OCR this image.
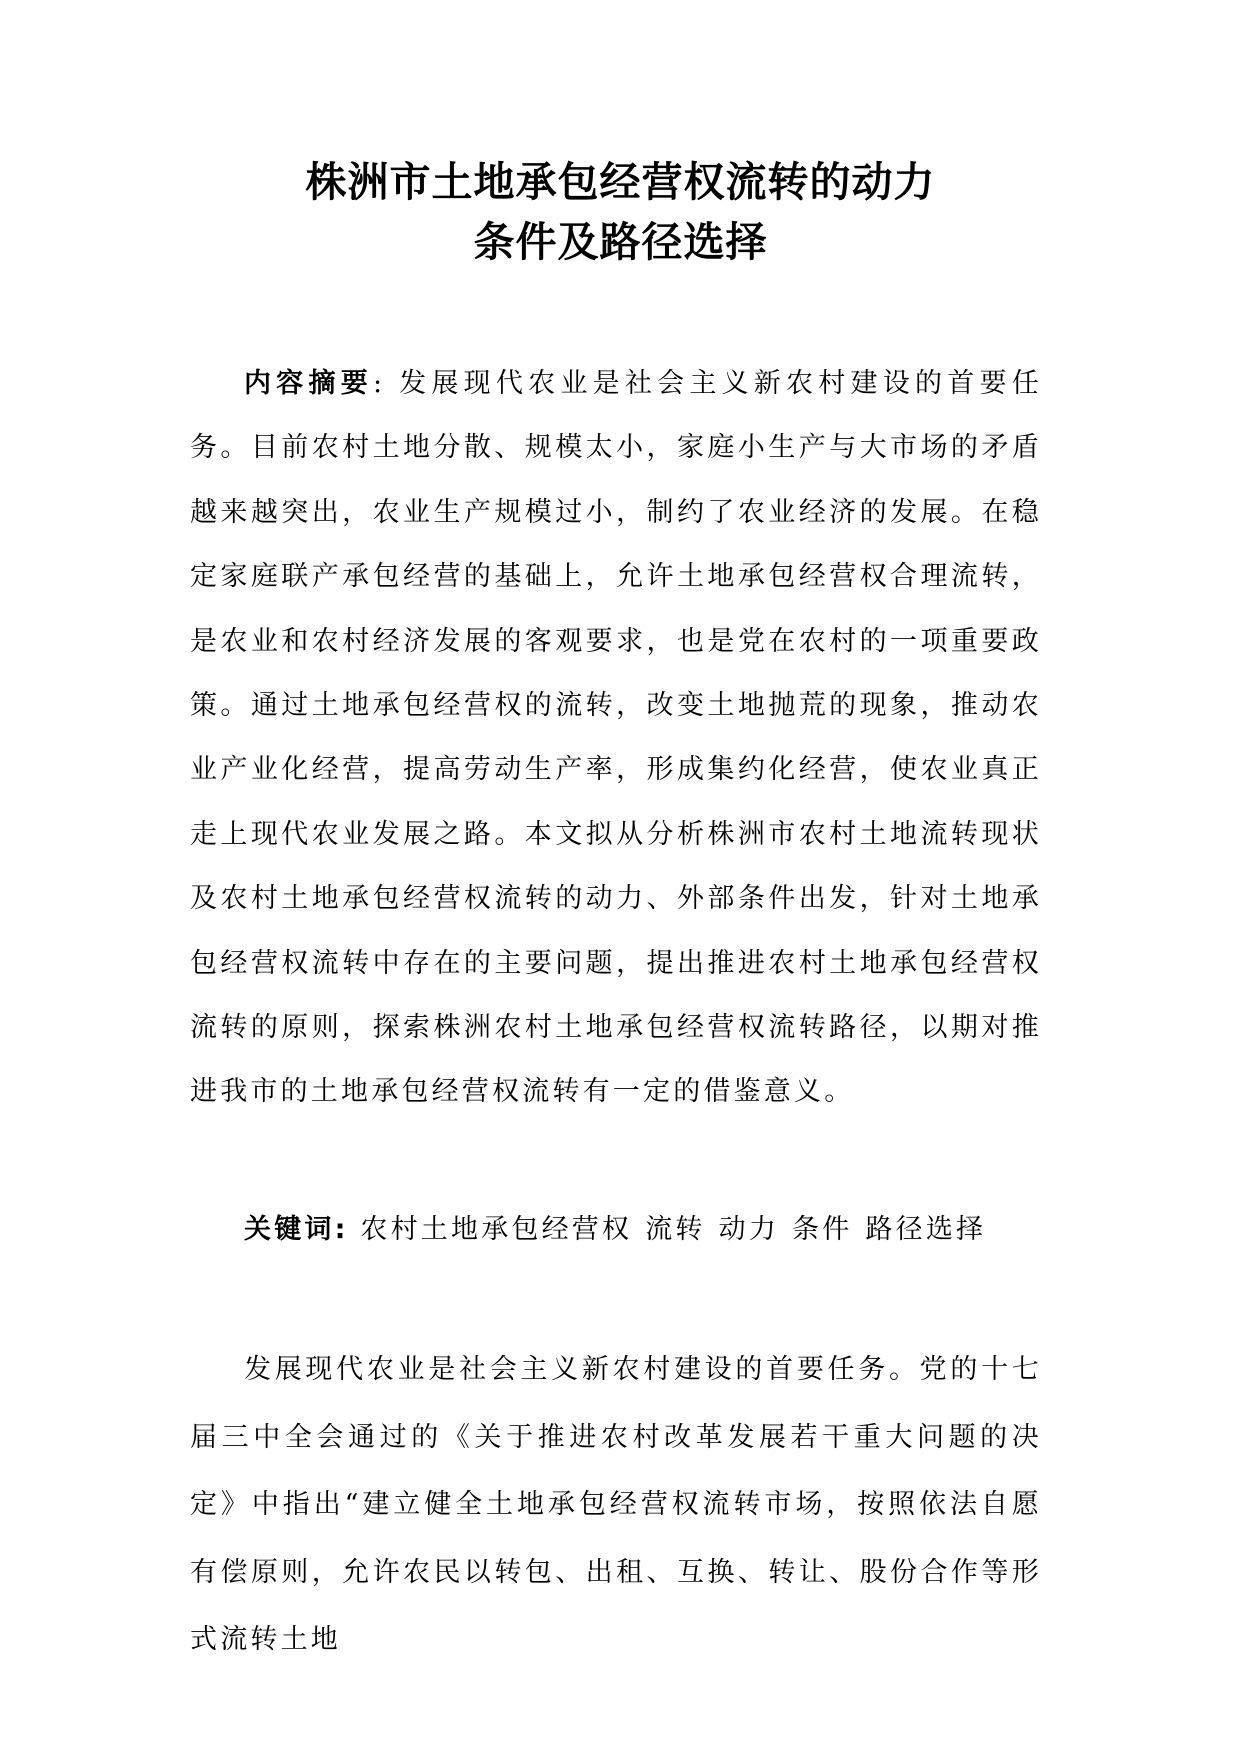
株洲市土地承包经营权流转的动力
条件及路径选择
内容摘要: 发展现代农业是社会主义新农村建设的首要任务。目前农村土地分散、规模太小，家庭小生产与大市场的矛盾越来越突出，农业生产规模过小，制约了农业经济的发展。在稳定家庭联产承包经营的基础上，允许土地承包经营权合理流转，是农业和农村经济发展的客观要求，也是党在农村的一项重要政策。通过土地承包经营权的流转，改变土地抛荒的现象，推动农业产业化经营，提高劳动生产率，形成集约化经营，使农业真正走上现代农业发展之路。本文拟从分析株洲市农村土地流转现状及农村土地承包经营权流转的动力、外部条件出发，针对土地承包经营权流转中存在的主要问题，提出推进农村土地承包经营权流转的原则，探索株洲农村土地承包经营权流转路径，以期对推进我市的土地承包经营权流转有一定的借鉴意义。
关键词: 农村土地承包经营权 流转 动力 条件 路径选择
发展现代农业是社会主义新农村建设的首要任务。党的十七届三中全会通过的《关于推进农村改革发展若干重大问题的决定》中指出“建立健全土地承包经营权流转市场，按照依法自愿有偿原则，允许农民以转包、出租、互换、转让、股份合作等形式流转土地
